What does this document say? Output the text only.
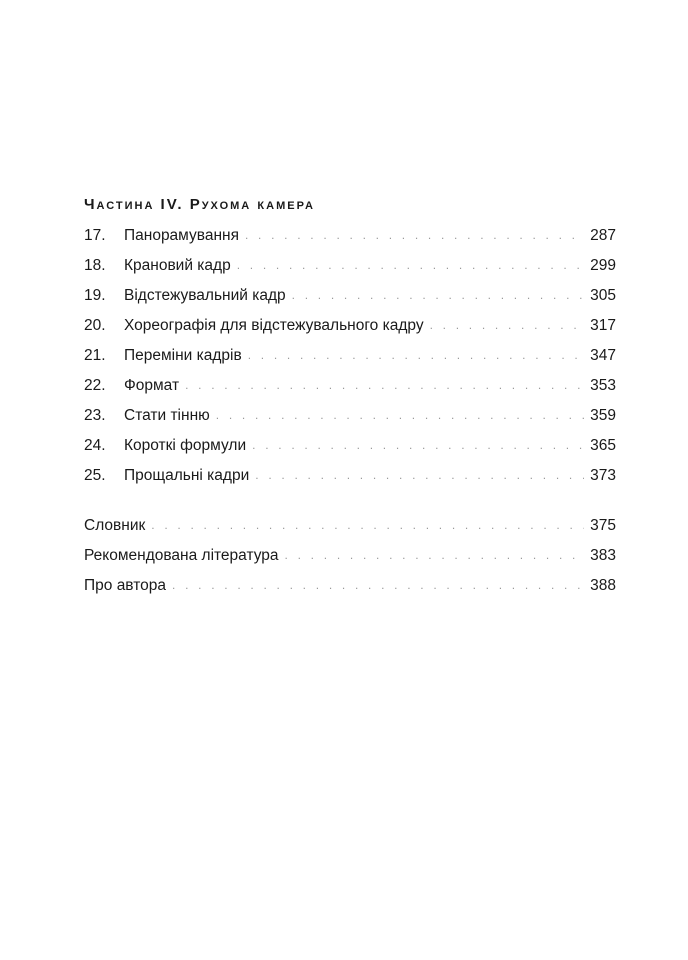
Частина IV. Рухома камера
17.	Панорамування . . .	287
18.	Крановий кадр . . .	299
19.	Відстежувальний кадр . . .	305
20.	Хореографія для відстежувального кадру . . .	317
21.	Переміни кадрів . . .	347
22.	Формат . . .	353
23.	Стати тінню . . .	359
24.	Короткі формули . . .	365
25.	Прощальні кадри . . .	373
Словник . . .	375
Рекомендована література . . .	383
Про автора . . .	388
